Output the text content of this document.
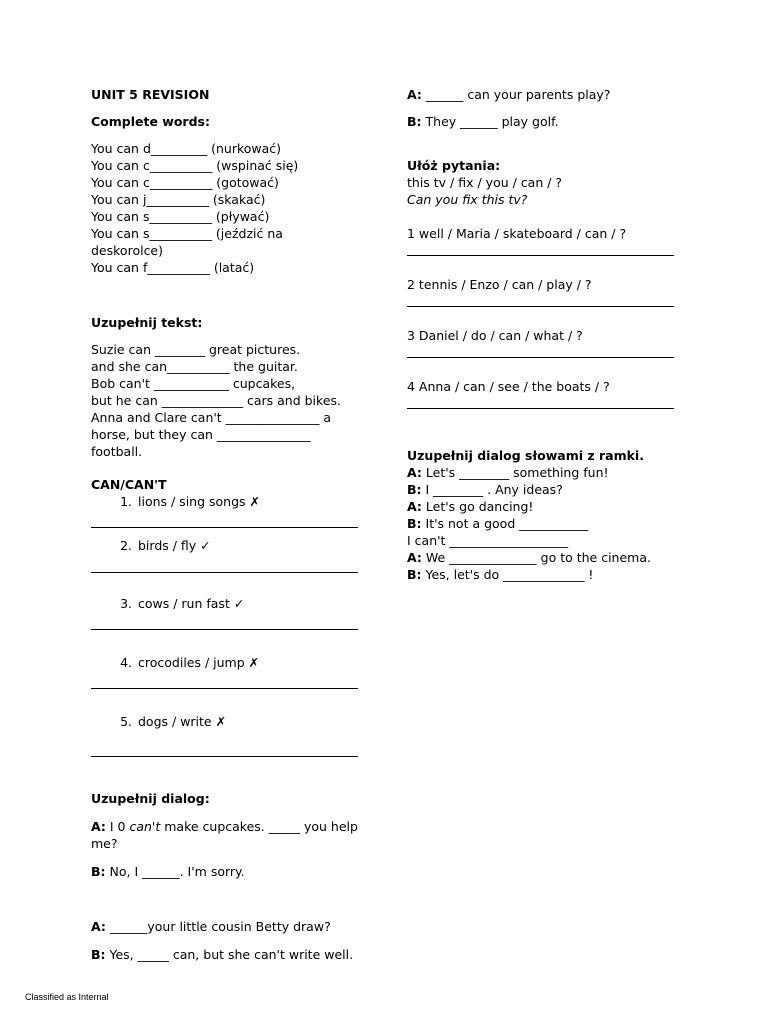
UNIT 5 REVISION
Complete words:
You can d_________ (nurkować)
You can c__________ (wspinać się)
You can c__________ (gotować)
You can j__________ (skakać)
You can s__________ (pływać)
You can s__________ (jeździć na
deskorolce)
You can f__________ (latać)
Uzupełnij tekst:
Suzie can ________ great pictures.
and she can__________ the guitar.
Bob can't ____________ cupcakes,
but he can _____________ cars and bikes.
Anna and Clare can't _______________ a
horse, but they can _______________
football.
CAN/CAN'T
1. lions / sing songs ✗
2. birds / fly ✓
3. cows / run fast ✓
4. crocodiles / jump ✗
5. dogs / write ✗
Uzupełnij dialog:
A: I 0 can't make cupcakes. _____ you help
me?
B: No, I ______. I'm sorry.
A: ______your little cousin Betty draw?
B: Yes, _____ can, but she can't write well.
A: ______ can your parents play?
B: They ______ play golf.
Ułóż pytania:
this tv / fix / you / can / ?
Can you fix this tv?
1 well / Maria / skateboard / can / ?
2 tennis / Enzo / can / play / ?
3 Daniel / do / can / what / ?
4 Anna / can / see / the boats / ?
Uzupełnij dialog słowami z ramki.
A: Let's ________ something fun!
B: I ________ . Any ideas?
A: Let's go dancing!
B: It's not a good ___________
I can't ___________________
A: We ______________ go to the cinema.
B: Yes, let's do _____________ !
Classified as Internal
